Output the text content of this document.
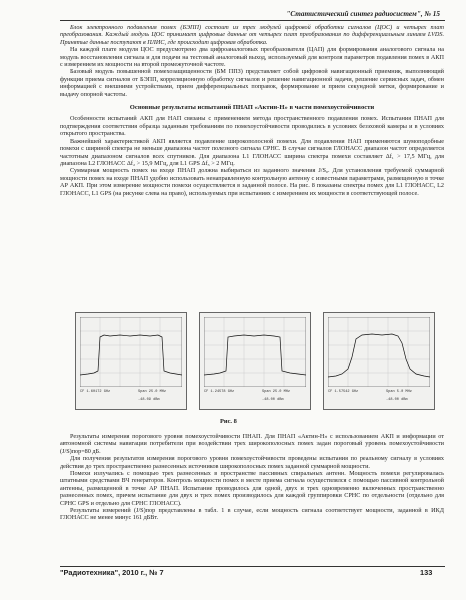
"Статистический синтез радиосистем", № 15

Блок электронного подавления помех (БЭПП) состоит из трех модулей цифровой обработки сигналов (ЦОС) и четырех плат преобразования. Каждый модуль ЦОС принимает цифровые данные от четырех плат преобразования по дифференциальным линиям LVDS. Принятые данные поступают в ПЛИС, где происходит цифровая обработка.

На каждой плате модуля ЦОС предусмотрено два цифроаналоговых преобразователя (ЦАП) для формирования аналогового сигнала на модуль восстановления сигнала и для подачи на тестовый аналоговый выход, используемый для контроля параметров подавления помех в АКП с измерением их мощности на второй промежуточной частоте.

Базовый модуль повышенной помехозащищенности (БМ ППЗ) представляет собой цифровой навигационный приемник, выполняющий функции приема сигналов от БЭПП, корреляционную обработку сигналов и решение навигационной задачи, решение сервисных задач, обмен информацией с внешними устройствами, прием дифференциальных поправок, формирование и прием секундной метки, формирование и выдачу опорной частоты.

Основные результаты испытаний ПНАП «Актин-Н» в части помехоустойчивости

Особенности испытаний АКП для НАП связаны с применением метода пространственного подавления помех. Испытания ПНАП для подтверждения соответствия образца заданным требованиям по помехоустойчивости проводились в условиях безэховой камеры и в условиях открытого пространства.

Важнейшей характеристикой АКП является подавление широкополосной помехи. Для подавления НАП применяются шумоподобные помехи с шириной спектра не меньше диапазона частот полезного сигнала СРНС. В случае сигналов ГЛОНАСС диапазон частот определяется частотным диапазоном сигналов всех спутников. Для диапазона L1 ГЛОНАСС ширина спектра помехи составляет Δf₁ > 17,5 МГц, для диапазона L2 ГЛОНАСС Δf₂ > 15,9 МГц, для L1 GPS Δf₃ > 2 МГц.

Суммарная мощность помех на входе ПНАП должна выбираться из заданного значения J/S₀. Для установления требуемой суммарной мощности помех на входе ПНАП удобно использовать ненаправленную контрольную антенну с известными параметрами, размещенную в точке АР АКП. При этом измерение мощности помехи осуществляется в заданной полосе. На рис. 8 показаны спектры помех для L1 ГЛОНАСС, L2 ГЛОНАСС, L1 GPS (на рисунке слева на право), используемых при испытаниях с измерением их мощности в соответствующей полосе.

CF 1.60172 GHz	Span 25.0 MHz
-48.09 dBm
CF 1.24578 GHz	Span 25.0 MHz
-48.00 dBm
CF 1.57542 GHz	Span 5.0 MHz
-48.00 dBm
Рис. 8

Результаты измерения порогового уровня помехоустойчивости ПНАП. Для ПНАП «Актин-Н» с использованием АКП и информации от автономной системы навигации потребители при воздействии трех широкополосных помех задан пороговый уровень помехоустойчивости (J/S)пор=80 дБ.

Для получения результатов измерения порогового уровня помехоустойчивости проведены испытания по реальному сигналу в условиях действия до трех пространственно разнесенных источников широкополосных помех заданной суммарной мощности.

Помехи излучались с помощью трех разнесенных в пространстве пассивных спиральных антенн. Мощность помехи регулировалась штатными средствами ВЧ генераторов. Контроль мощности помех в месте приема сигнала осуществлялся с помощью пассивной контрольной антенны, размещенной в точке АР ПНАП. Испытание проводилось для одной, двух и трех одновременно включенных пространственно разнесенных помех, причем испытание для двух и трех помех производилось для каждой группировки СРНС по отдельности (отдельно для СРНС GPS и отдельно для СРНС ГЛОНАСС).

Результаты измерений (J/S)пор представлены в табл. 1 в случае, если мощность сигнала соответствует мощности, заданной в ИКД ГЛОНАСС не менее минус 161 дБВт.

"Радиотехника", 2010 г., № 7	133
